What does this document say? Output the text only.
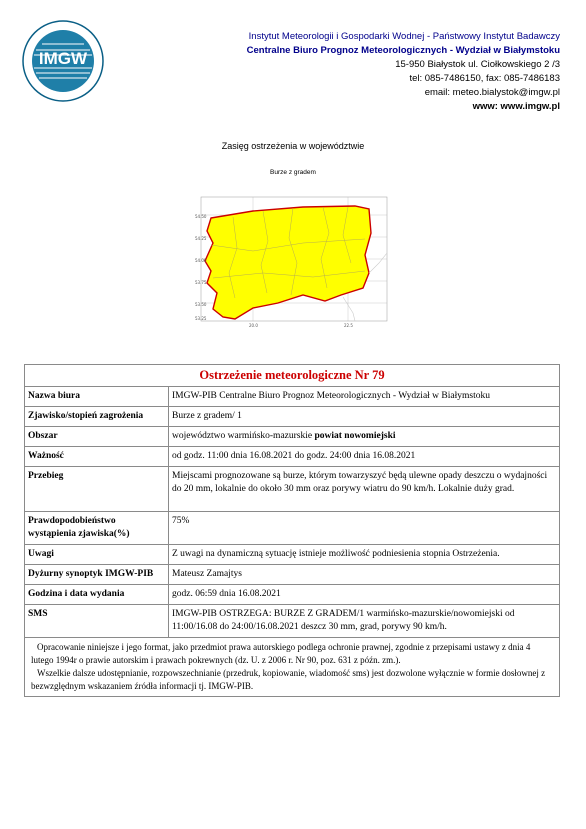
IMGW
Instytut Meteorologii i Gospodarki Wodnej - Państwowy Instytut Badawczy
Centralne Biuro Prognoz Meteorologicznych - Wydział w Białymstoku
15-950 Białystok ul. Ciołkowskiego 2 /3
tel: 085-7486150, fax: 085-7486183
email: meteo.bialystok@imgw.pl
www: www.imgw.pl
Zasięg ostrzeżenia w województwie
Burze z gradem
54.50
54.25
54.00
53.75
53.50
53.25
20.0	22.5
Ostrzeżenie meteorologiczne Nr 79	
Nazwa biura	IMGW-PIB Centralne Biuro Prognoz Meteorologicznych - Wydział w Białymstoku
Zjawisko/stopień zagrożenia	Burze z gradem/ 1
Obszar	województwo warmińsko-mazurskie powiat nowomiejski
Ważność	od godz. 11:00 dnia 16.08.2021 do godz. 24:00 dnia 16.08.2021
Przebieg	Miejscami prognozowane są burze, którym towarzyszyć będą ulewne opady deszczu o wydajności do 20 mm, lokalnie do około 30 mm oraz porywy wiatru do 90 km/h. Lokalnie duży grad.
Prawdopodobieństwo wystąpienia zjawiska(%)	75%
Uwagi	Z uwagi na dynamiczną sytuację istnieje możliwość podniesienia stopnia Ostrzeżenia.
Dyżurny synoptyk IMGW-PIB	Mateusz Zamajtys
Godzina i data wydania	godz. 06:59 dnia 16.08.2021
SMS	IMGW-PIB OSTRZEGA: BURZE Z GRADEM/1 warmińsko-mazurskie/nowomiejski od 11:00/16.08 do 24:00/16.08.2021 deszcz 30 mm, grad, porywy 90 km/h.

Opracowanie niniejsze i jego format, jako przedmiot prawa autorskiego podlega ochronie prawnej, zgodnie z przepisami ustawy z dnia 4 lutego 1994r o prawie autorskim i prawach pokrewnych (dz. U. z 2006 r. Nr 90, poz. 631 z późn. zm.).
Wszelkie dalsze udostępnianie, rozpowszechnianie (przedruk, kopiowanie, wiadomość sms) jest dozwolone wyłącznie w formie dosłownej z bezwzględnym wskazaniem źródła informacji tj. IMGW-PIB.	
